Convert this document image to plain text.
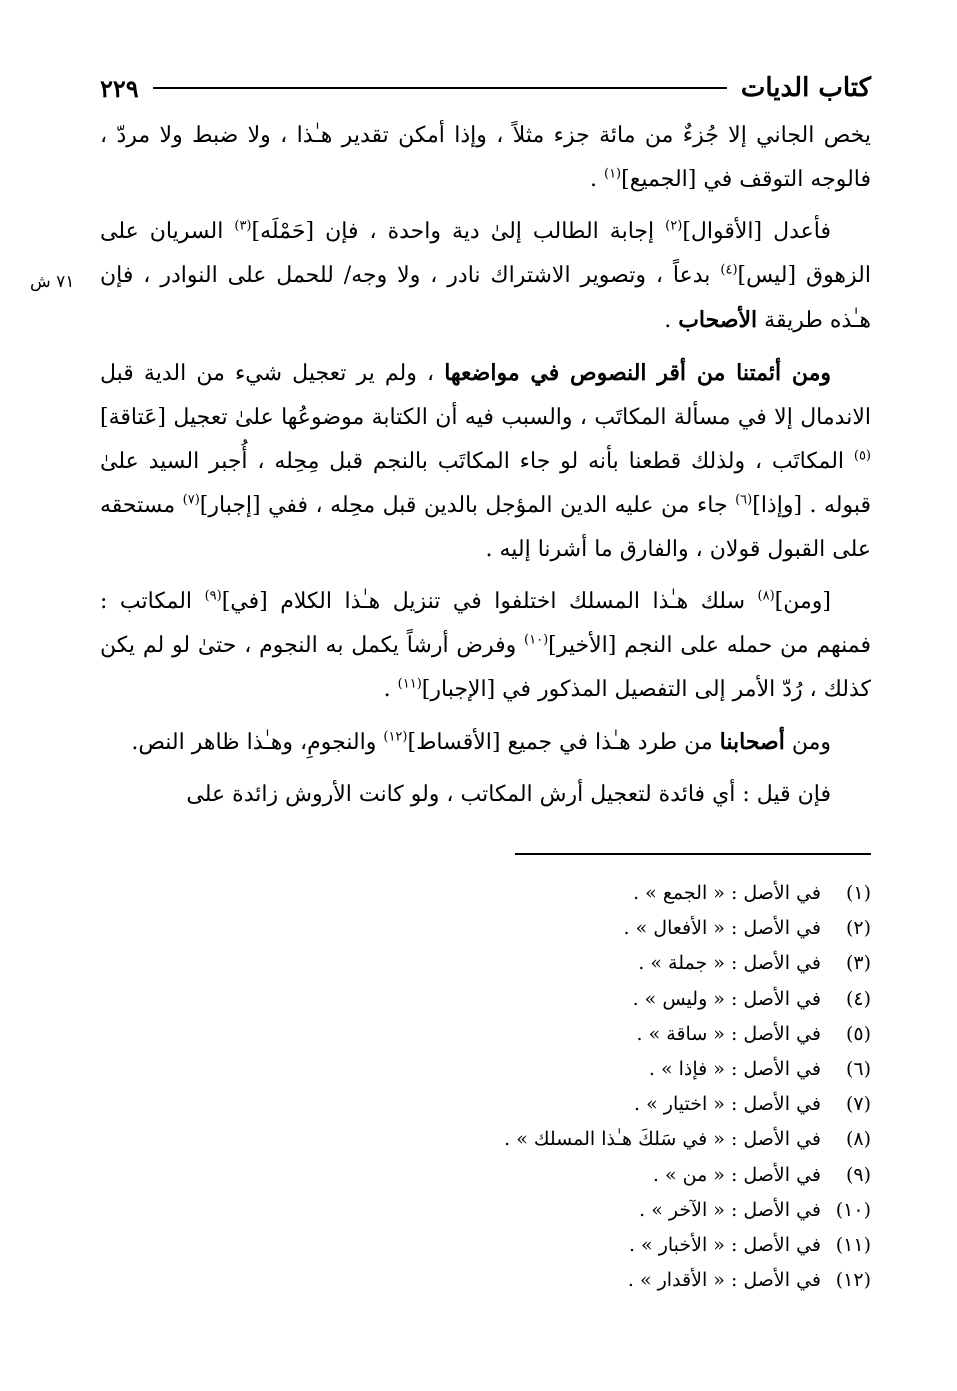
كتاب الديات
٢٢٩
٧١ ش

يخص الجاني إلا جُزءٌ من مائة جزء مثلاً ، وإذا أمكن تقدير هـٰذا ، ولا ضبط ولا مردّ ، فالوجه التوقف في [الجميع]$^{(١)}$ .

فأعدل [الأقوال]$^{(٢)}$ إجابة الطالب إلىٰ دية واحدة ، فإن [حَمْلَه]$^{(٣)}$ السريان على الزهوق [ليس]$^{(٤)}$ بدعاً ، وتصوير الاشتراك نادر ، ولا وجه/ للحمل على النوادر ، فإن هـٰذه طريقة الأصحاب .

ومن أئمتنا من أقر النصوص في مواضعها ، ولم ير تعجيل شيء من الدية قبل الاندمال إلا في مسألة المكاتَب ، والسبب فيه أن الكتابة موضوعُها علىٰ تعجيل [عَتاقة]$^{(٥)}$ المكاتَب ، ولذلك قطعنا بأنه لو جاء المكاتَب بالنجم قبل مِحِله ، أُجبر السيد علىٰ قبوله . [وإذا]$^{(٦)}$ جاء من عليه الدين المؤجل بالدين قبل محِله ، ففي [إجبار]$^{(٧)}$ مستحقه على القبول قولان ، والفارق ما أشرنا إليه .

[ومن]$^{(٨)}$ سلك هـٰذا المسلك اختلفوا في تنزيل هـٰذا الكلام [في]$^{(٩)}$ المكاتب : فمنهم من حمله على النجم [الأخير]$^{(١٠)}$ وفرض أرشاً يكمل به النجوم ، حتىٰ لو لم يكن كذلك ، رُدّ الأمر إلى التفصيل المذكور في [الإجبار]$^{(١١)}$ .

ومن أصحابنا من طرد هـٰذا في جميع [الأقساط]$^{(١٢)}$ والنجومِ، وهـٰذا ظاهر النص.

فإن قيل : أي فائدة لتعجيل أرش المكاتب ، ولو كانت الأروش زائدة على

(١)
في الأصل : « الجمع » .
(٢)
في الأصل : « الأفعال » .
(٣)
في الأصل : « جملة » .
(٤)
في الأصل : « وليس » .
(٥)
في الأصل : « ساقة » .
(٦)
في الأصل : « فإذا » .
(٧)
في الأصل : « اختيار » .
(٨)
في الأصل : « في سَلكَ هـٰذا المسلك » .
(٩)
في الأصل : « من » .
(١٠)
في الأصل : « الآخر » .
(١١)
في الأصل : « الأخبار » .
(١٢)
في الأصل : « الأقدار » .
